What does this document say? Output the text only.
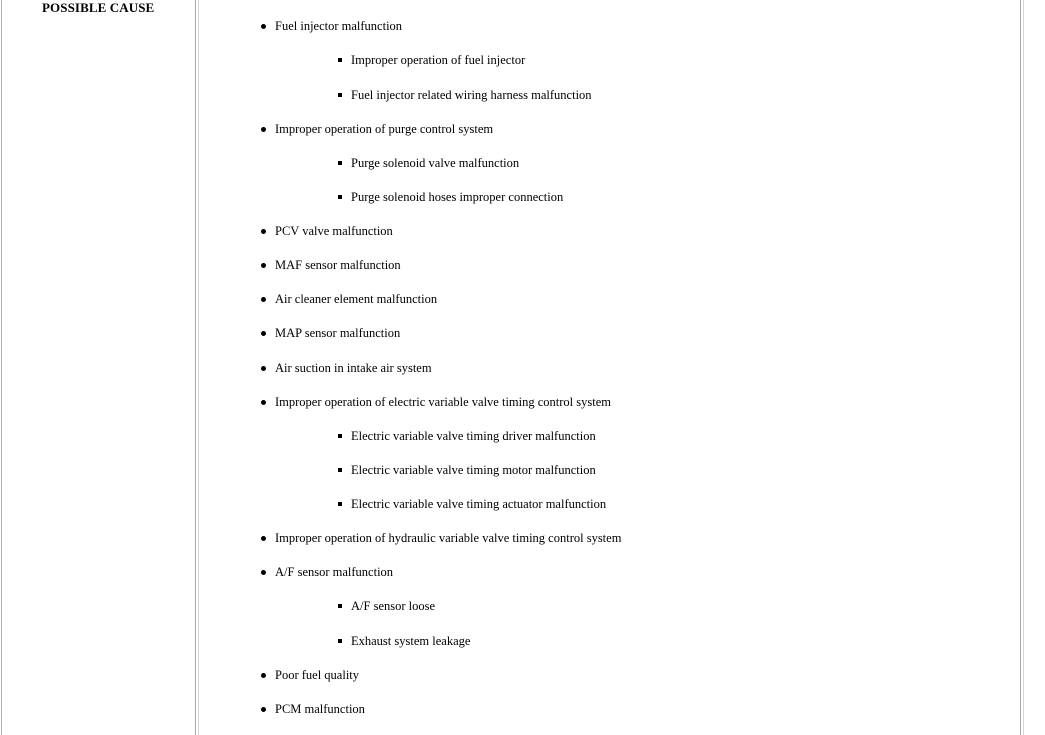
POSSIBLE CAUSE
Fuel injector malfunction
Improper operation of fuel injector
Fuel injector related wiring harness malfunction
Improper operation of purge control system
Purge solenoid valve malfunction
Purge solenoid hoses improper connection
PCV valve malfunction
MAF sensor malfunction
Air cleaner element malfunction
MAP sensor malfunction
Air suction in intake air system
Improper operation of electric variable valve timing control system
Electric variable valve timing driver malfunction
Electric variable valve timing motor malfunction
Electric variable valve timing actuator malfunction
Improper operation of hydraulic variable valve timing control system
A/F sensor malfunction
A/F sensor loose
Exhaust system leakage
Poor fuel quality
PCM malfunction
